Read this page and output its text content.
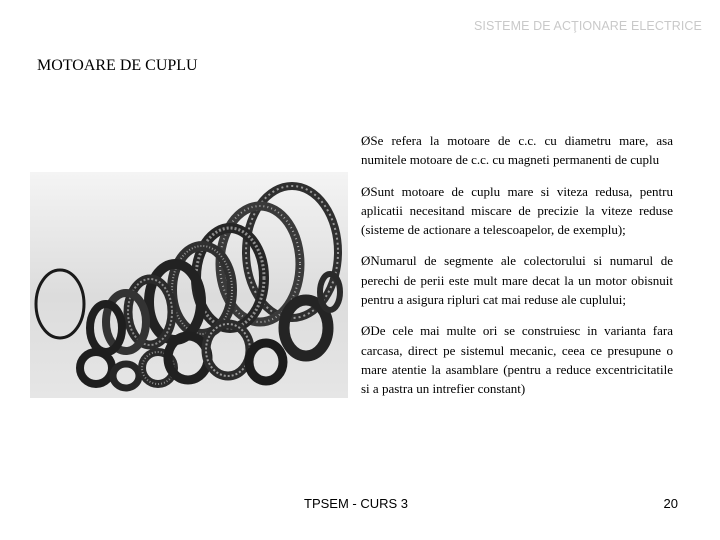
SISTEME DE ACŢIONARE ELECTRICE
MOTOARE DE CUPLU

ØSe refera la motoare de c.c. cu diametru mare, asa numitele motoare de c.c. cu magneti permanenti de cuplu

ØSunt motoare de cuplu mare si viteza redusa, pentru aplicatii necesitand miscare de precizie la viteze reduse (sisteme de actionare a telescoapelor, de exemplu);

ØNumarul de segmente ale colectorului si numarul de perechi de perii este mult mare decat la un motor obisnuit pentru a asigura ripluri cat mai reduse ale cuplului;

ØDe cele mai multe ori se construiesc in varianta fara carcasa, direct pe sistemul mecanic, ceea ce presupune o mare atentie la asamblare (pentru a reduce excentricitatile si a pastra un intrefier constant)

TPSEM - CURS 3	20
